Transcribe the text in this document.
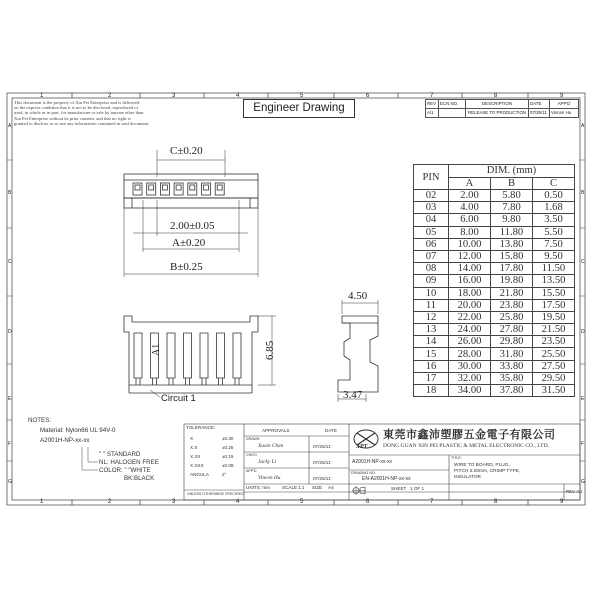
Engineer Drawing
This document is the property of Xin Pei Enterprise and is delivered
on the express condition that it is not to be disclosed, reproduced or
used, in whole or in part, for manufacture or sale by anyone other than
Xin Pei Enterprise without its prior consent, and that no right is
granted to disclose or so use any information contained in said document.
1
1
2
2
3
3
4
4
5
5
6
6
7
7
8
8
9
9
A	A
B	B
C	C
D	D
E	E
F	F
G	G
REV	ECN NO.	DESCRIPTION	DATE	APP'D
A/1		RELEASE TO PRODUCTION	07/25/11	Vincen Hu
C±0.20
2.00±0.05
A±0.20
B±0.25
4.50
6.85
3.47
A1
Circuit 1
PIN	DIM. (mm)		
	A	B	C
02	2.00	5.80	0.50
03	4.00	7.80	1.68
04	6.00	9.80	3.50
05	8.00	11.80	5.50
06	10.00	13.80	7.50
07	12.00	15.80	9.50
08	14.00	17.80	11.50
09	16.00	19.80	13.50
10	18.00	21.80	15.50
11	20.00	23.80	17.50
12	22.00	25.80	19.50
13	24.00	27.80	21.50
14	26.00	29.80	23.50
15	28.00	31.80	25.50
16	30.00	33.80	27.50
17	32.00	35.80	29.50
18	34.00	37.80	31.50
NOTES:
Material: Nylon66 UL 94V-0
A2001H-NP-xx-xx
" " STANDARD
NL: HALOGEN FREE
COLOR: " "WHITE
BK:BLACK
TOLERANCE:
X	±0.30
X.X	±0.25
X.XX	±0.15
X.XXX	±0.08
ANGULA	2°
UNLESS OTHERWISE SPECIFIED
APPROVALS	DATE
DRAWN
Xuxin Chen	07/25/11'
CHK'D
Jacky Li	07/25/11'
APP'D
Vincen Hu	07/25/11'
UNITS: mm	SCALE 1:1 SIZE A4
XPT
東莞市鑫沛塑膠五金電子有限公司
DONG GUAN XIN PEI PLASTIC & METAL ELECTRONIC CO., LTD.
A2001H-NP-xx-xx
DRAWING NO.
EN-A2001H-NP-xx-xx
TITLE:
WIRE TO BOARD, PLUG,
PITCH 2.00mm, CRIMP TYPE,
INSULATOR
SHEET 1 OF 1
REV. A/1
